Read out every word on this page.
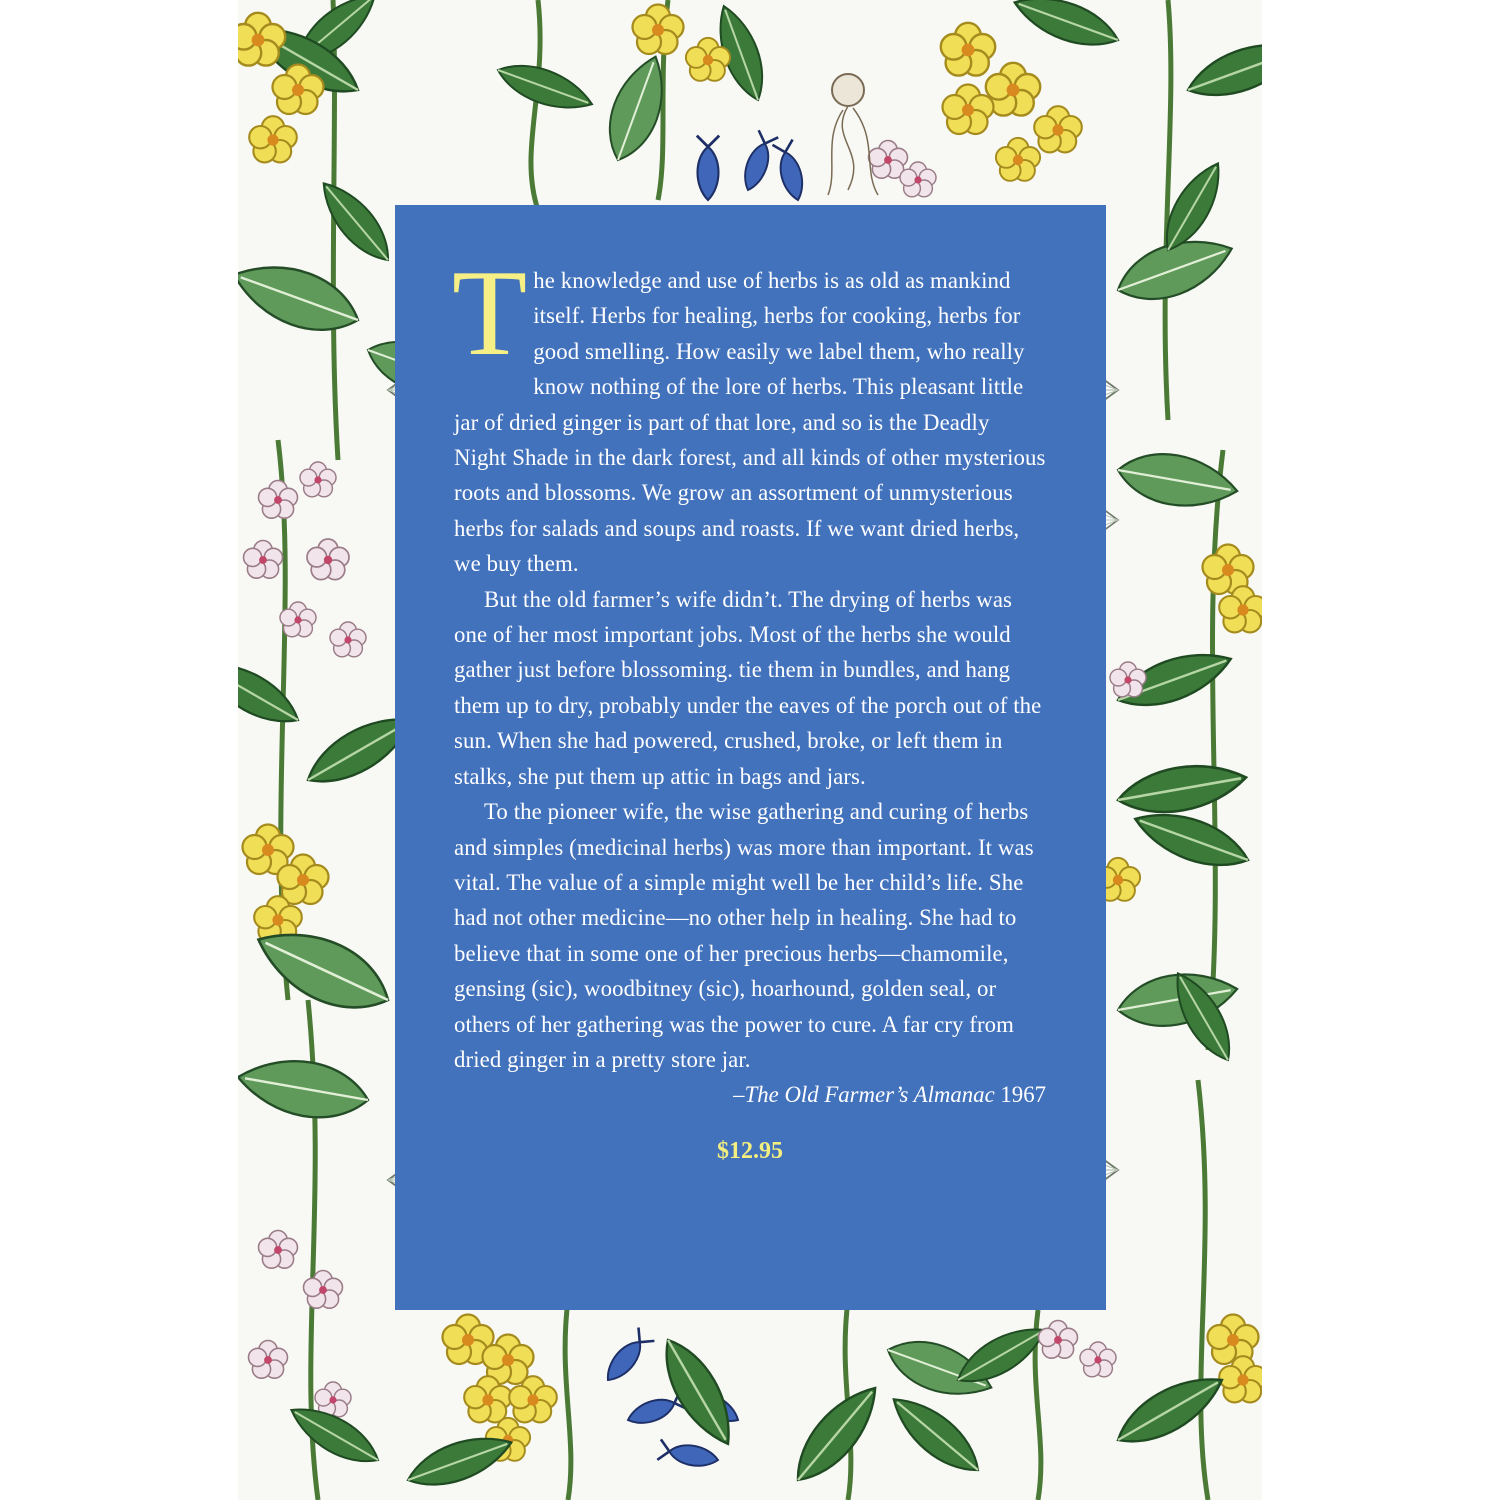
The knowledge and use of herbs is as old as mankind itself. Herbs for healing, herbs for cooking, herbs for good smelling. How easily we label them, who really know nothing of the lore of herbs. This pleasant little jar of dried ginger is part of that lore, and so is the Deadly Night Shade in the dark forest, and all kinds of other mysterious roots and blossoms. We grow an assortment of unmysterious herbs for salads and soups and roasts. If we want dried herbs, we buy them.

But the old farmer’s wife didn’t. The drying of herbs was one of her most important jobs. Most of the herbs she would gather just before blossoming. tie them in bundles, and hang them up to dry, probably under the eaves of the porch out of the sun. When she had powered, crushed, broke, or left them in stalks, she put them up attic in bags and jars.

To the pioneer wife, the wise gathering and curing of herbs and simples (medicinal herbs) was more than important. It was vital. The value of a simple might well be her child’s life. She had not other medicine—no other help in healing. She had to believe that in some one of her precious herbs—chamomile, gensing (sic), woodbitney (sic), hoarhound, golden seal, or others of her gathering was the power to cure. A far cry from dried ginger in a pretty store jar.

–The Old Farmer’s Almanac 1967

$12.95
